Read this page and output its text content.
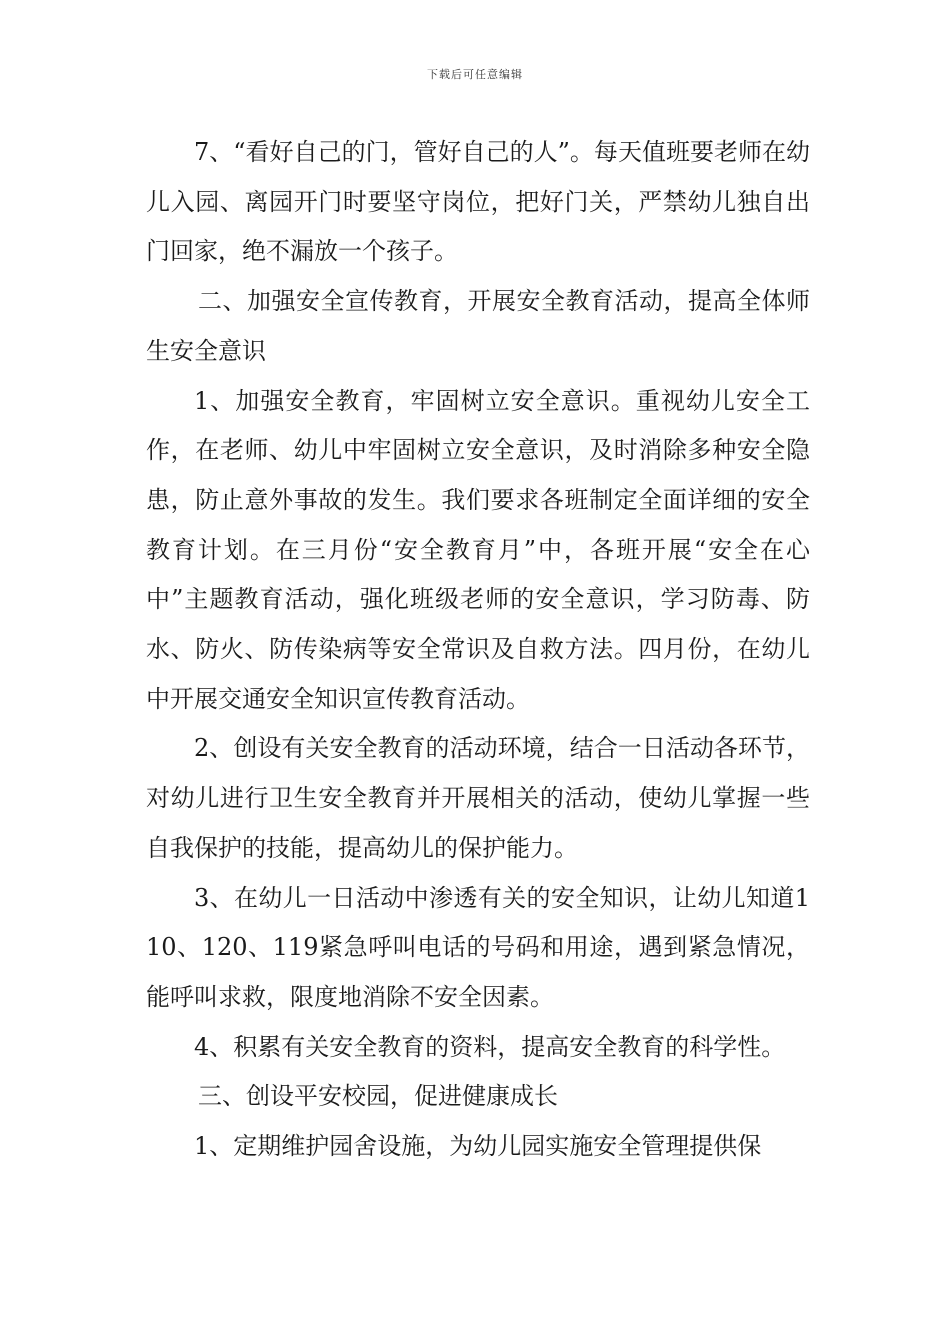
下载后可任意编辑

7、“看好自己的门，管好自己的人”。每天值班要老师在幼儿入园、离园开门时要坚守岗位，把好门关，严禁幼儿独自出门回家，绝不漏放一个孩子。

二、加强安全宣传教育，开展安全教育活动，提高全体师生安全意识

1、加强安全教育，牢固树立安全意识。重视幼儿安全工作，在老师、幼儿中牢固树立安全意识，及时消除多种安全隐患，防止意外事故的发生。我们要求各班制定全面详细的安全教育计划。在三月份“安全教育月”中，各班开展“安全在心中”主题教育活动，强化班级老师的安全意识，学习防毒、防水、防火、防传染病等安全常识及自救方法。四月份，在幼儿中开展交通安全知识宣传教育活动。

2、创设有关安全教育的活动环境，结合一日活动各环节，对幼儿进行卫生安全教育并开展相关的活动，使幼儿掌握一些自我保护的技能，提高幼儿的保护能力。

3、在幼儿一日活动中渗透有关的安全知识，让幼儿知道110、120、119紧急呼叫电话的号码和用途，遇到紧急情况，能呼叫求救，限度地消除不安全因素。

4、积累有关安全教育的资料，提高安全教育的科学性。

三、创设平安校园，促进健康成长

1、定期维护园舍设施，为幼儿园实施安全管理提供保
